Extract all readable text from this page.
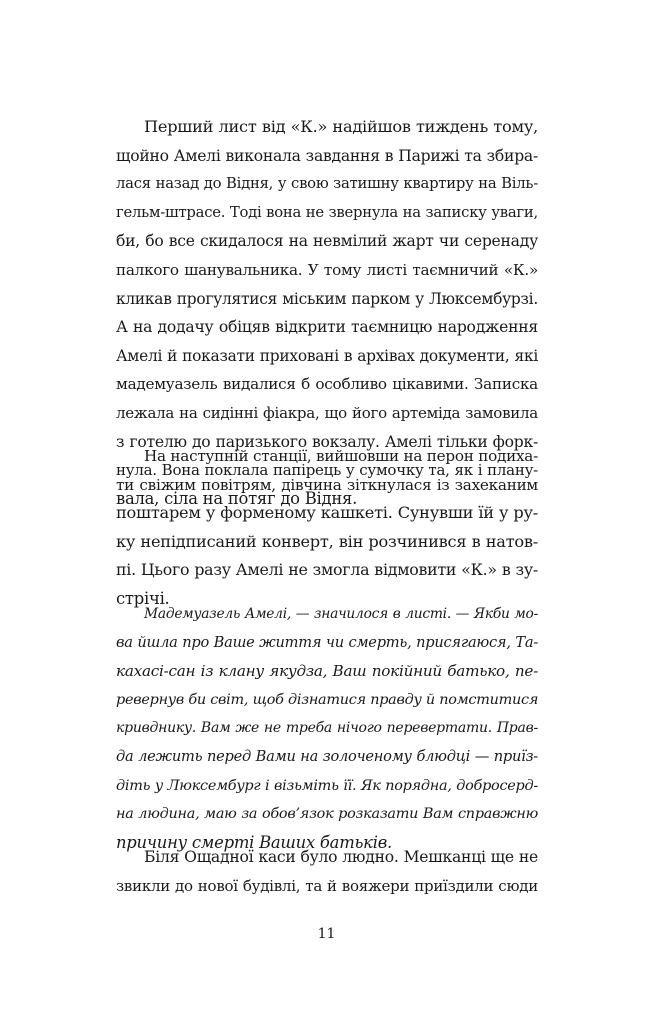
Перший лист від «К.» надійшов тиждень тому,
щойно Амелі виконала завдання в Парижі та збира-
лася назад до Відня, у свою затишну квартиру на Віль-
гельм-штрасе. Тоді вона не звернула на записку уваги,
би, бо все скидалося на невмілий жарт чи серенаду
палкого шанувальника. У тому листі таємничий «К.»
кликав прогулятися міським парком у Люксембурзі.
А на додачу обіцяв відкрити таємницю народження
Амелі й показати приховані в архівах документи, які
мадемуазель видалися б особливо цікавими. Записка
лежала на сидінні фіакра, що його артеміда замовила
з готелю до паризького вокзалу. Амелі тільки форк-
нула. Вона поклала папірець у сумочку та, як і плану-
вала, сіла на потяг до Відня.
На наступній станції, вийшовши на перон подиха-
ти свіжим повітрям, дівчина зіткнулася із захеканим
поштарем у форменому кашкеті. Сунувши їй у ру-
ку непідписаний конверт, він розчинився в натов-
пі. Цього разу Амелі не змогла відмовити «К.» в зу-
стрічі.
Мадемуазель Амелі, — значилося в листі. — Якби мо-
ва йшла про Ваше життя чи смерть, присягаюся, Та-
кахасі-сан із клану якудза, Ваш покійний батько, пе-
ревернув би світ, щоб дізнатися правду й помститися
кривднику. Вам же не треба нічого перевертати. Прав-
да лежить перед Вами на золоченому блюдці — приїз-
діть у Люксембург і візьміть її. Як порядна, добросерд-
на людина, маю за обов’язок розказати Вам справжню
причину смерті Ваших батьків.
Біля Ощадної каси було людно. Мешканці ще не
звикли до нової будівлі, та й вояжери приїздили сюди
11
